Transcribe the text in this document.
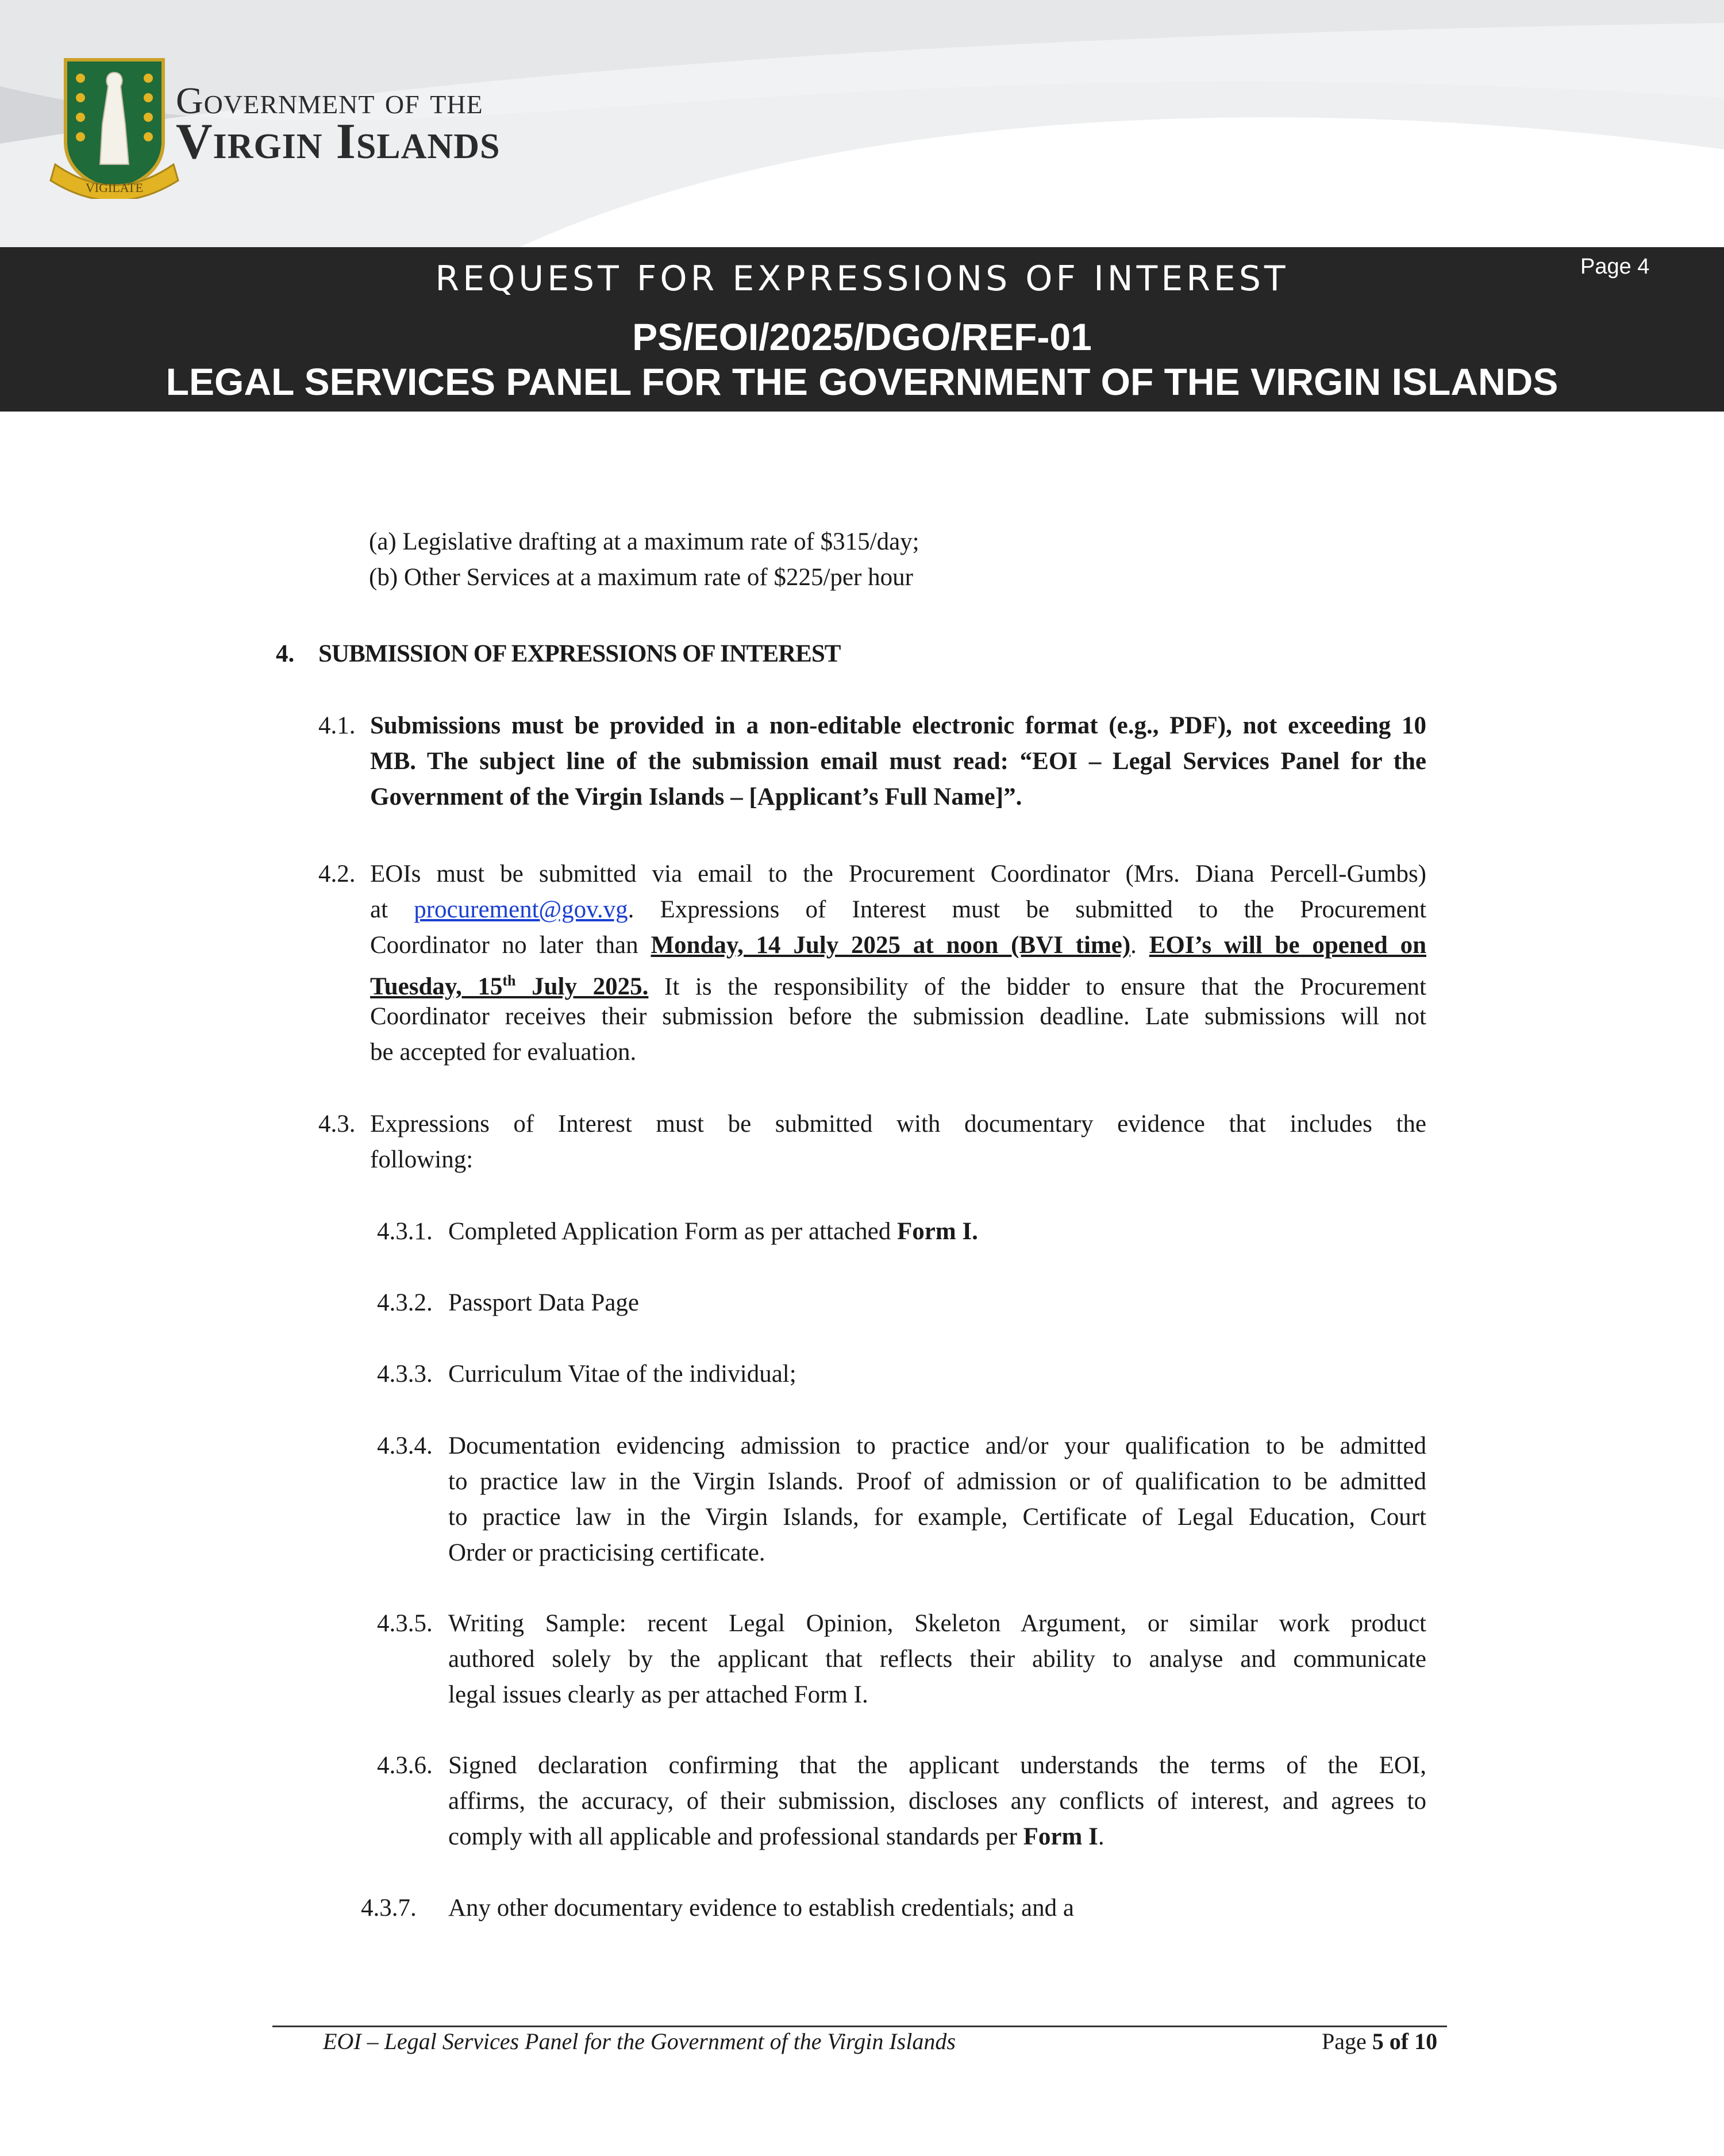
VIGILATE
Government of the
Virgin Islands
REQUEST FOR EXPRESSIONS OF INTEREST
PS/EOI/2025/DGO/REF-01
LEGAL SERVICES PANEL FOR THE GOVERNMENT OF THE VIRGIN ISLANDS
Page 4
(a) Legislative drafting at a maximum rate of $315/day;
(b) Other Services at a maximum rate of $225/per hour
4. SUBMISSION OF EXPRESSIONS OF INTEREST
4.1. Submissions must be provided in a non-editable electronic format (e.g., PDF), not exceeding 10
MB. The subject line of the submission email must read: “EOI – Legal Services Panel for the
Government of the Virgin Islands – [Applicant’s Full Name]”.
4.2. EOIs must be submitted via email to the Procurement Coordinator (Mrs. Diana Percell-Gumbs)
at procurement@gov.vg. Expressions of Interest must be submitted to the Procurement
Coordinator no later than Monday, 14 July 2025 at noon (BVI time). EOI’s will be opened on
Tuesday, 15th July 2025. It is the responsibility of the bidder to ensure that the Procurement
Coordinator receives their submission before the submission deadline. Late submissions will not
be accepted for evaluation.
4.3. Expressions of Interest must be submitted with documentary evidence that includes the
following:
4.3.1. Completed Application Form as per attached Form I.
4.3.2. Passport Data Page
4.3.3. Curriculum Vitae of the individual;
4.3.4. Documentation evidencing admission to practice and/or your qualification to be admitted
to practice law in the Virgin Islands. Proof of admission or of qualification to be admitted
to practice law in the Virgin Islands, for example, Certificate of Legal Education, Court
Order or practicising certificate.
4.3.5. Writing Sample: recent Legal Opinion, Skeleton Argument, or similar work product
authored solely by the applicant that reflects their ability to analyse and communicate
legal issues clearly as per attached Form I.
4.3.6. Signed declaration confirming that the applicant understands the terms of the EOI,
affirms, the accuracy, of their submission, discloses any conflicts of interest, and agrees to
comply with all applicable and professional standards per Form I.
4.3.7. Any other documentary evidence to establish credentials; and a
EOI – Legal Services Panel for the Government of the Virgin Islands	Page 5 of 10
